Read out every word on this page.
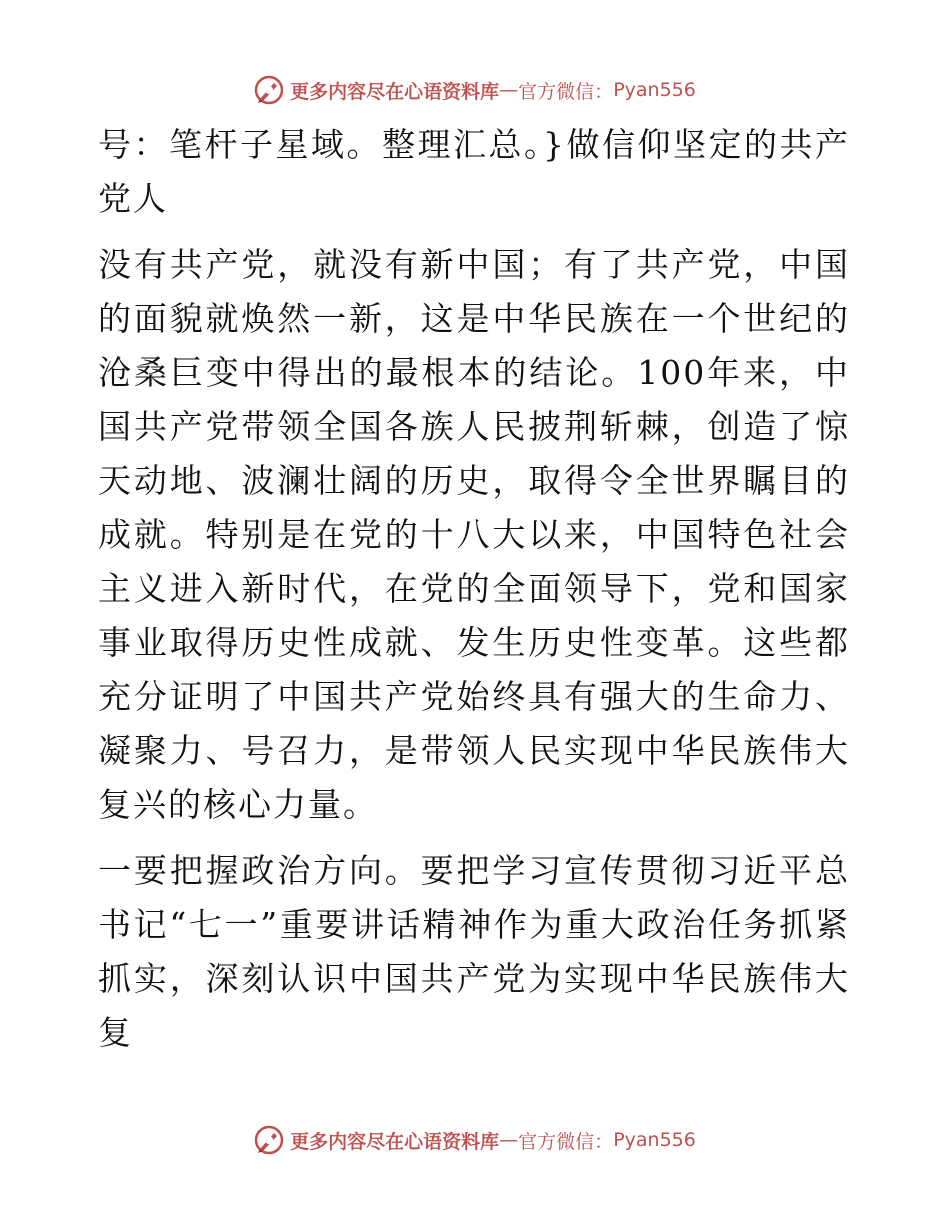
更多内容尽在心语资料库 — 官方微信： Pyan556

号：笔杆子星域。整理汇总。}做信仰坚定的共产党人

没有共产党，就没有新中国；有了共产党，中国的面貌就焕然一新，这是中华民族在一个世纪的沧桑巨变中得出的最根本的结论。100年来，中国共产党带领全国各族人民披荆斩棘，创造了惊天动地、波澜壮阔的历史，取得令全世界瞩目的成就。特别是在党的十八大以来，中国特色社会主义进入新时代，在党的全面领导下，党和国家事业取得历史性成就、发生历史性变革。这些都充分证明了中国共产党始终具有强大的生命力、凝聚力、号召力，是带领人民实现中华民族伟大复兴的核心力量。

一要把握政治方向。要把学习宣传贯彻习近平总书记“七一”重要讲话精神作为重大政治任务抓紧抓实，深刻认识中国共产党为实现中华民族伟大复

更多内容尽在心语资料库 — 官方微信： Pyan556
